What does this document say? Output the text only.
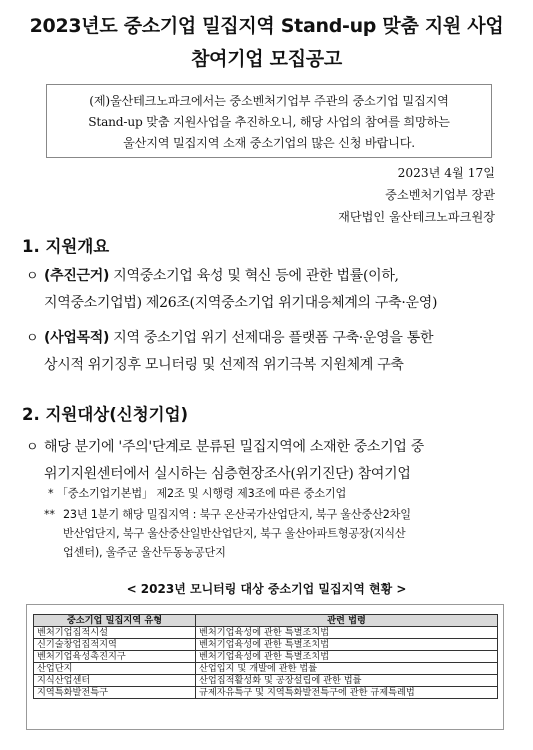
2023년도 중소기업 밀집지역 Stand-up 맞춤 지원 사업
참여기업 모집공고
(제)울산테크노파크에서는 중소벤처기업부 주관의 중소기업 밀집지역
Stand-up 맞춤 지원사업을 추진하오니, 해당 사업의 참여를 희망하는
울산지역 밀집지역 소재 중소기업의 많은 신청 바랍니다.
2023년 4월 17일
중소벤처기업부 장관
재단법인 울산테크노파크원장
1. 지원개요
ㅇ (추진근거) 지역중소기업 육성 및 혁신 등에 관한 법률(이하,
지역중소기업법) 제26조(지역중소기업 위기대응체계의 구축·운영)
ㅇ (사업목적) 지역 중소기업 위기 선제대응 플랫폼 구축·운영을 통한
상시적 위기징후 모니터링 및 선제적 위기극복 지원체계 구축
2. 지원대상(신청기업)
ㅇ 해당 분기에 '주의'단계로 분류된 밀집지역에 소재한 중소기업 중
위기지원센터에서 실시하는 심층현장조사(위기진단) 참여기업
* 「중소기업기본법」 제2조 및 시행령 제3조에 따른 중소기업
** 23년 1분기 해당 밀집지역 : 북구 온산국가산업단지, 북구 울산중산2차일
반산업단지, 북구 울산중산일반산업단지, 북구 울산아파트형공장(지식산
업센터), 울주군 울산두동농공단지
< 2023년 모니터링 대상 중소기업 밀집지역 현황 >
중소기업 밀집지역 유형	관련 법령
벤처기업집적시설	벤처기업육성에 관한 특별조치법
신기술창업집적지역	벤처기업육성에 관한 특별조치법
벤처기업육성촉진지구	벤처기업육성에 관한 특별조치법
산업단지	산업입지 및 개발에 관한 법률
지식산업센터	산업집적활성화 및 공장설립에 관한 법률
지역특화발전특구	규제자유특구 및 지역특화발전특구에 관한 규제특례법
